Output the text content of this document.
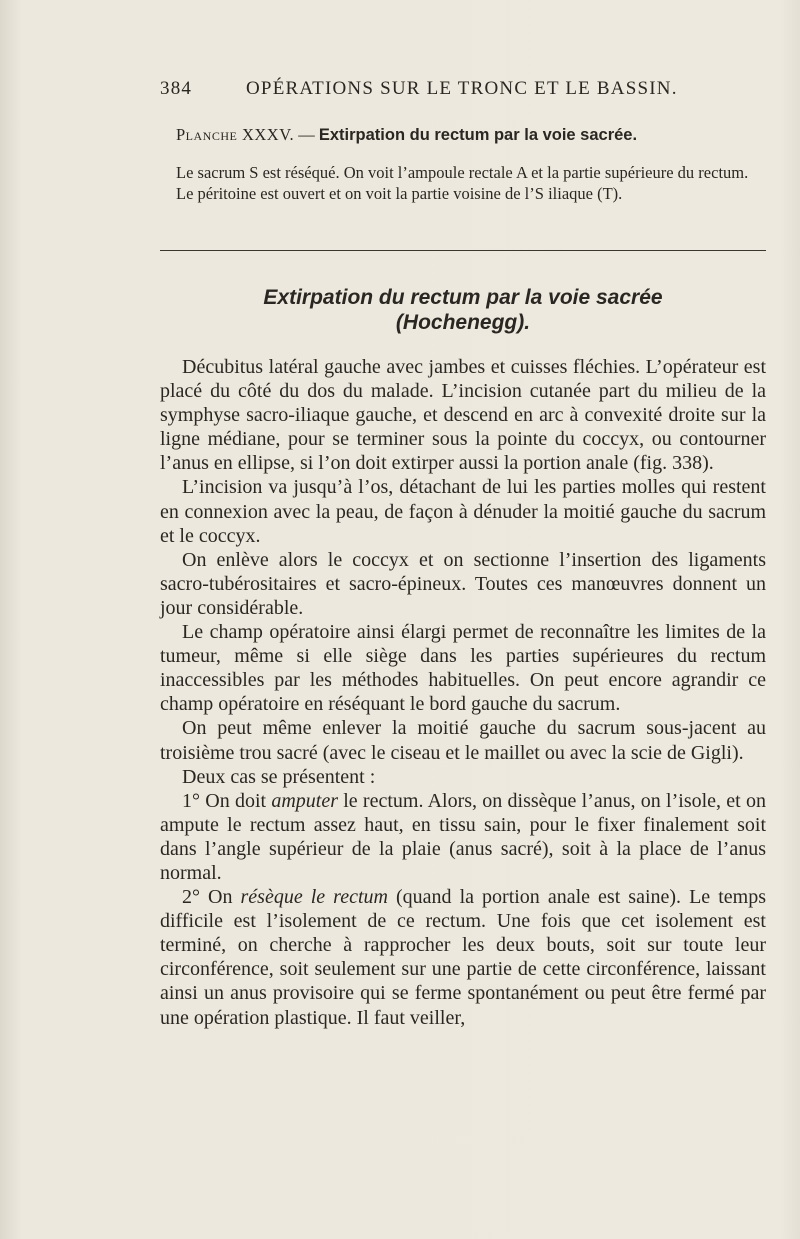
384	OPÉRATIONS SUR LE TRONC ET LE BASSIN.

Planche XXXV. — Extirpation du rectum par la voie sacrée.

Le sacrum S est réséqué. On voit l’ampoule rectale A et la partie supérieure du rectum.

Le péritoine est ouvert et on voit la partie voisine de l’S iliaque (T).

Extirpation du rectum par la voie sacrée
(Hochenegg).

Décubitus latéral gauche avec jambes et cuisses fléchies. L’opérateur est placé du côté du dos du malade. L’incision cutanée part du milieu de la symphyse sacro-iliaque gauche, et descend en arc à convexité droite sur la ligne médiane, pour se terminer sous la pointe du coccyx, ou contourner l’anus en ellipse, si l’on doit extirper aussi la portion anale (fig. 338).

L’incision va jusqu’à l’os, détachant de lui les parties molles qui restent en connexion avec la peau, de façon à dénuder la moitié gauche du sacrum et le coccyx.

On enlève alors le coccyx et on sectionne l’insertion des ligaments sacro-tubérositaires et sacro-épineux. Toutes ces manœuvres donnent un jour considérable.

Le champ opératoire ainsi élargi permet de reconnaître les limites de la tumeur, même si elle siège dans les parties supérieures du rectum inaccessibles par les méthodes habituelles. On peut encore agrandir ce champ opératoire en réséquant le bord gauche du sacrum.

On peut même enlever la moitié gauche du sacrum sous-jacent au troisième trou sacré (avec le ciseau et le maillet ou avec la scie de Gigli).

Deux cas se présentent :

1° On doit amputer le rectum. Alors, on dissèque l’anus, on l’isole, et on ampute le rectum assez haut, en tissu sain, pour le fixer finalement soit dans l’angle supérieur de la plaie (anus sacré), soit à la place de l’anus normal.

2° On résèque le rectum (quand la portion anale est saine). Le temps difficile est l’isolement de ce rectum. Une fois que cet isolement est terminé, on cherche à rapprocher les deux bouts, soit sur toute leur circonférence, soit seulement sur une partie de cette circonférence, laissant ainsi un anus provisoire qui se ferme spontanément ou peut être fermé par une opération plastique. Il faut veiller,
